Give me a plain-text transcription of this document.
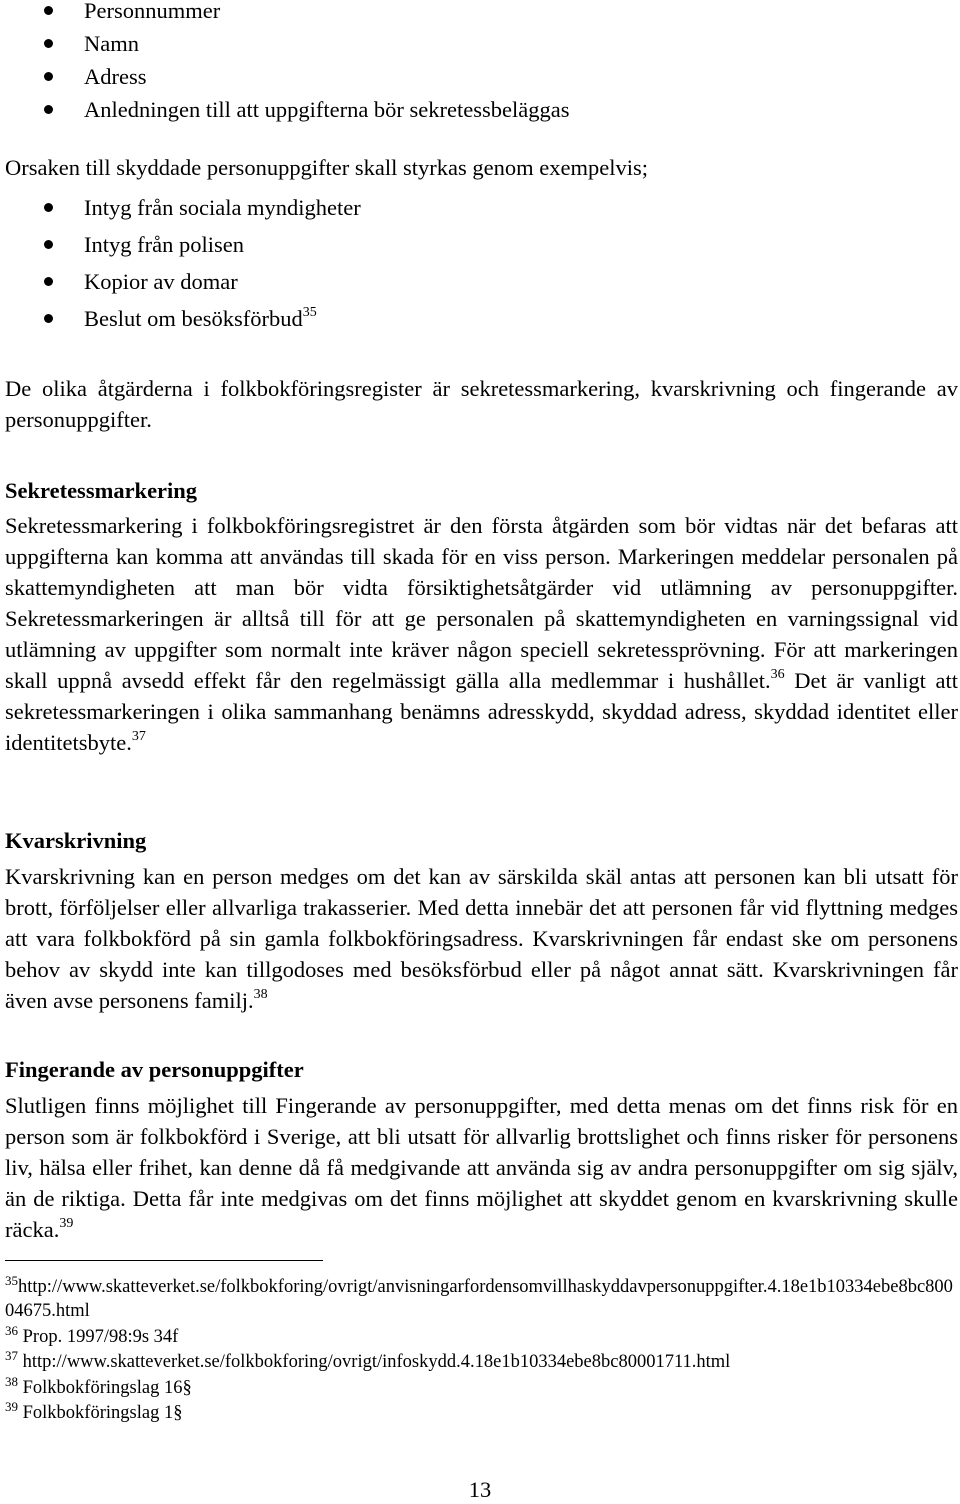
Personnummer
Namn
Adress
Anledningen till att uppgifterna bör sekretessbeläggas

Orsaken till skyddade personuppgifter skall styrkas genom exempelvis;

Intyg från sociala myndigheter
Intyg från polisen
Kopior av domar
Beslut om besöksförbud$^{35}$

De olika åtgärderna i folkbokföringsregister är sekretessmarkering, kvarskrivning och fingerande av personuppgifter.

Sekretessmarkering

Sekretessmarkering i folkbokföringsregistret är den första åtgärden som bör vidtas när det befaras att uppgifterna kan komma att användas till skada för en viss person. Markeringen meddelar personalen på skattemyndigheten att man bör vidta försiktighetsåtgärder vid utlämning av personuppgifter. Sekretessmarkeringen är alltså till för att ge personalen på skattemyndigheten en varningssignal vid utlämning av uppgifter som normalt inte kräver någon speciell sekretessprövning. För att markeringen skall uppnå avsedd effekt får den regelmässigt gälla alla medlemmar i hushållet.$^{36}$ Det är vanligt att sekretessmarkeringen i olika sammanhang benämns adresskydd, skyddad adress, skyddad identitet eller identitetsbyte.$^{37}$

Kvarskrivning

Kvarskrivning kan en person medges om det kan av särskilda skäl antas att personen kan bli utsatt för brott, förföljelser eller allvarliga trakasserier. Med detta innebär det att personen får vid flyttning medges att vara folkbokförd på sin gamla folkbokföringsadress. Kvarskrivningen får endast ske om personens behov av skydd inte kan tillgodoses med besöksförbud eller på något annat sätt. Kvarskrivningen får även avse personens familj.$^{38}$

Fingerande av personuppgifter

Slutligen finns möjlighet till Fingerande av personuppgifter, med detta menas om det finns risk för en person som är folkbokförd i Sverige, att bli utsatt för allvarlig brottslighet och finns risker för personens liv, hälsa eller frihet, kan denne då få medgivande att använda sig av andra personuppgifter om sig själv, än de riktiga. Detta får inte medgivas om det finns möjlighet att skyddet genom en kvarskrivning skulle räcka.$^{39}$

$^{35}$http://www.skatteverket.se/folkbokforing/ovrigt/anvisningarfordensomvillhaskyddavpersonuppgifter.4.18e1b10334ebe8bc80004675.html

$^{36}$ Prop. 1997/98:9s 34f

$^{37}$ http://www.skatteverket.se/folkbokforing/ovrigt/infoskydd.4.18e1b10334ebe8bc80001711.html

$^{38}$ Folkbokföringslag 16§

$^{39}$ Folkbokföringslag 1§

13
